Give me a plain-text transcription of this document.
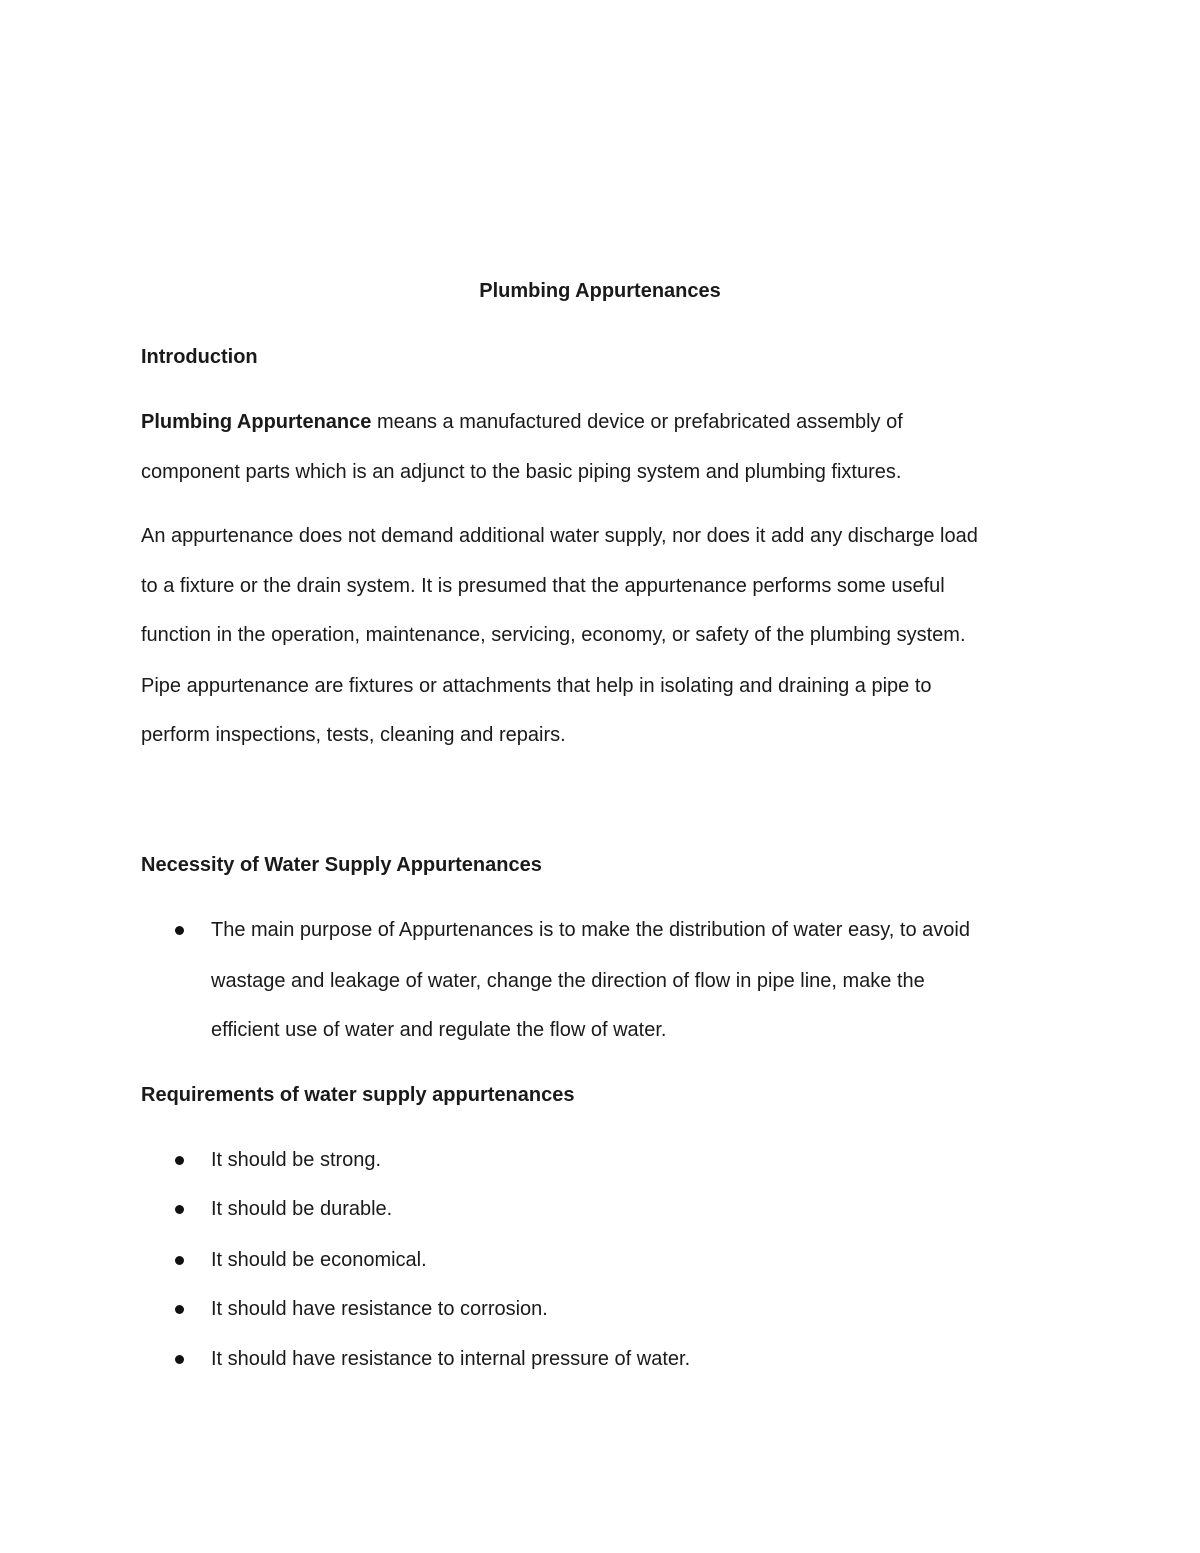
Plumbing Appurtenances
Introduction
Plumbing Appurtenance means a manufactured device or prefabricated assembly of
component parts which is an adjunct to the basic piping system and plumbing fixtures.
An appurtenance does not demand additional water supply, nor does it add any discharge load
to a fixture or the drain system. It is presumed that the appurtenance performs some useful
function in the operation, maintenance, servicing, economy, or safety of the plumbing system.
Pipe appurtenance are fixtures or attachments that help in isolating and draining a pipe to
perform inspections, tests, cleaning and repairs.
Necessity of Water Supply Appurtenances
The main purpose of Appurtenances is to make the distribution of water easy, to avoid
wastage and leakage of water, change the direction of flow in pipe line, make the
efficient use of water and regulate the flow of water.
Requirements of water supply appurtenances
It should be strong.
It should be durable.
It should be economical.
It should have resistance to corrosion.
It should have resistance to internal pressure of water.
